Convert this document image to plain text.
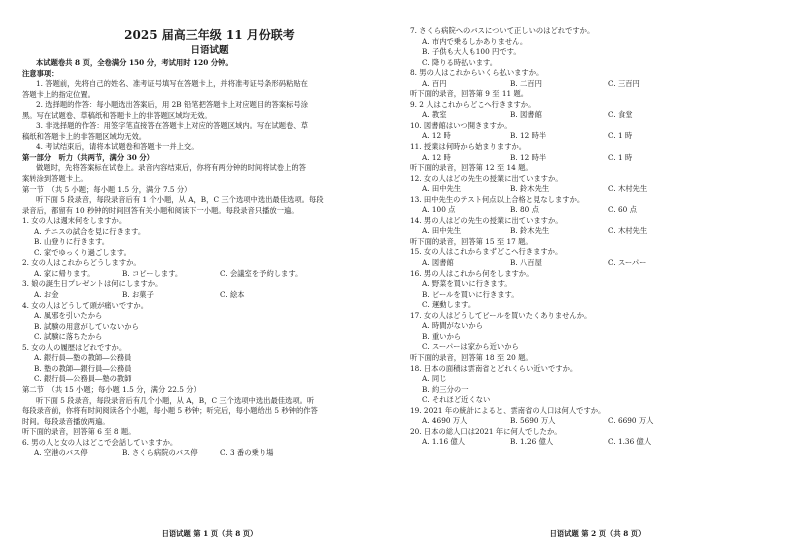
2025 届高三年级 11 月份联考
日语试题
本试题卷共 8 页，全卷满分 150 分，考试用时 120 分钟。
注意事项：
1. 答题前，先将自己的姓名、准考证号填写在答题卡上，并将准考证号条形码粘贴在
答题卡上的指定位置。
2. 选择题的作答：每小题选出答案后，用 2B 铅笔把答题卡上对应题目的答案标号涂
黑。写在试题卷、草稿纸和答题卡上的非答题区域均无效。
3. 非选择题的作答：用签字笔直接答在答题卡上对应的答题区域内。写在试题卷、草
稿纸和答题卡上的非答题区域均无效。
4. 考试结束后，请将本试题卷和答题卡一并上交。
第一部分　听力（共两节，满分 30 分）
做题时，先将答案标在试卷上。录音内容结束后，你将有两分钟的时间将试卷上的答
案转涂到答题卡上。
第一节　（共 5 小题；每小题 1.5 分，满分 7.5 分）
听下面 5 段录音，每段录音后有 1 个小题，从 A，B，C 三个选项中选出最佳选项。每段
录音后，都留有 10 秒钟的时间回答有关小题和阅读下一小题。每段录音只播放一遍。
1. 女の人は週末何をしますか。
A. テニスの試合を見に行きます。
B. 山登りに行きます。
C. 家でゆっくり過ごします。
2. 女の人はこれからどうしますか。
A. 家に帰ります。	B. コピーします。	C. 会議室を予約します。
3. 娘の誕生日プレゼントは何にしますか。
A. お金	B. お菓子	C. 絵本
4. 女の人はどうして頭が痛いですか。
A. 風邪を引いたから
B. 試験の用意がしていないから
C. 試験に落ちたから
5. 女の人の履歴はどれですか。
A. 銀行員―塾の教師―公務員
B. 塾の教師―銀行員―公務員
C. 銀行員―公務員―塾の教師
第二节　（共 15 小题；每小题 1.5 分，满分 22.5 分）
听下面 5 段录音，每段录音后有几个小题，从 A，B，C 三个选项中选出最佳选项。听
每段录音前，你将有时间阅读各个小题，每小题 5 秒钟；听完后，每小题给出 5 秒钟的作答
时间。每段录音播放两遍。
听下面的录音，回答第 6 至 8 题。
6. 男の人と女の人はどこで会話していますか。
A. 空港のバス停	B. さくら病院のバス停	C. 3 番の乗り場
日语试题 第 1 页（共 8 页）
7. さくら病院へのバスについて正しいのはどれですか。
A. 市内で乗るしかありません。
B. 子供も大人も100 円です。
C. 降りる時払います。
8. 男の人はこれからいくら払いますか。
A. 百円	B. 二百円	C. 三百円
听下面的录音，回答第 9 至 11 题。
9. 2 人はこれからどこへ行きますか。
A. 教室	B. 図書館	C. 食堂
10. 図書館はいつ開きますか。
A. 12 時	B. 12 時半	C. 1 時
11. 授業は何時から始まりますか。
A. 12 時	B. 12 時半	C. 1 時
听下面的录音，回答第 12 至 14 题。
12. 女の人はどの先生の授業に出ていますか。
A. 田中先生	B. 鈴木先生	C. 木村先生
13. 田中先生のテスト何点以上合格と見なしますか。
A. 100 点	B. 80 点	C. 60 点
14. 男の人はどの先生の授業に出ていますか。
A. 田中先生	B. 鈴木先生	C. 木村先生
听下面的录音，回答第 15 至 17 题。
15. 女の人はこれからまずどこへ行きますか。
A. 図書館	B. 八百屋	C. スーパー
16. 男の人はこれから何をしますか。
A. 野菜を買いに行きます。
B. ビールを買いに行きます。
C. 運動します。
17. 女の人はどうしてビールを買いたくありませんか。
A. 時間がないから
B. 重いから
C. スーパーは家から近いから
听下面的录音，回答第 18 至 20 题。
18. 日本の面積は雲南省とどれくらい近いですか。
A. 同じ
B. 約三分の一
C. それほど近くない
19. 2021 年の統計によると、雲南省の人口は何人ですか。
A. 4690 万人	B. 5690 万人	C. 6690 万人
20. 日本の総人口は2021 年に何人でしたか。
A. 1.16 億人	B. 1.26 億人	C. 1.36 億人
日语试题 第 2 页（共 8 页）
